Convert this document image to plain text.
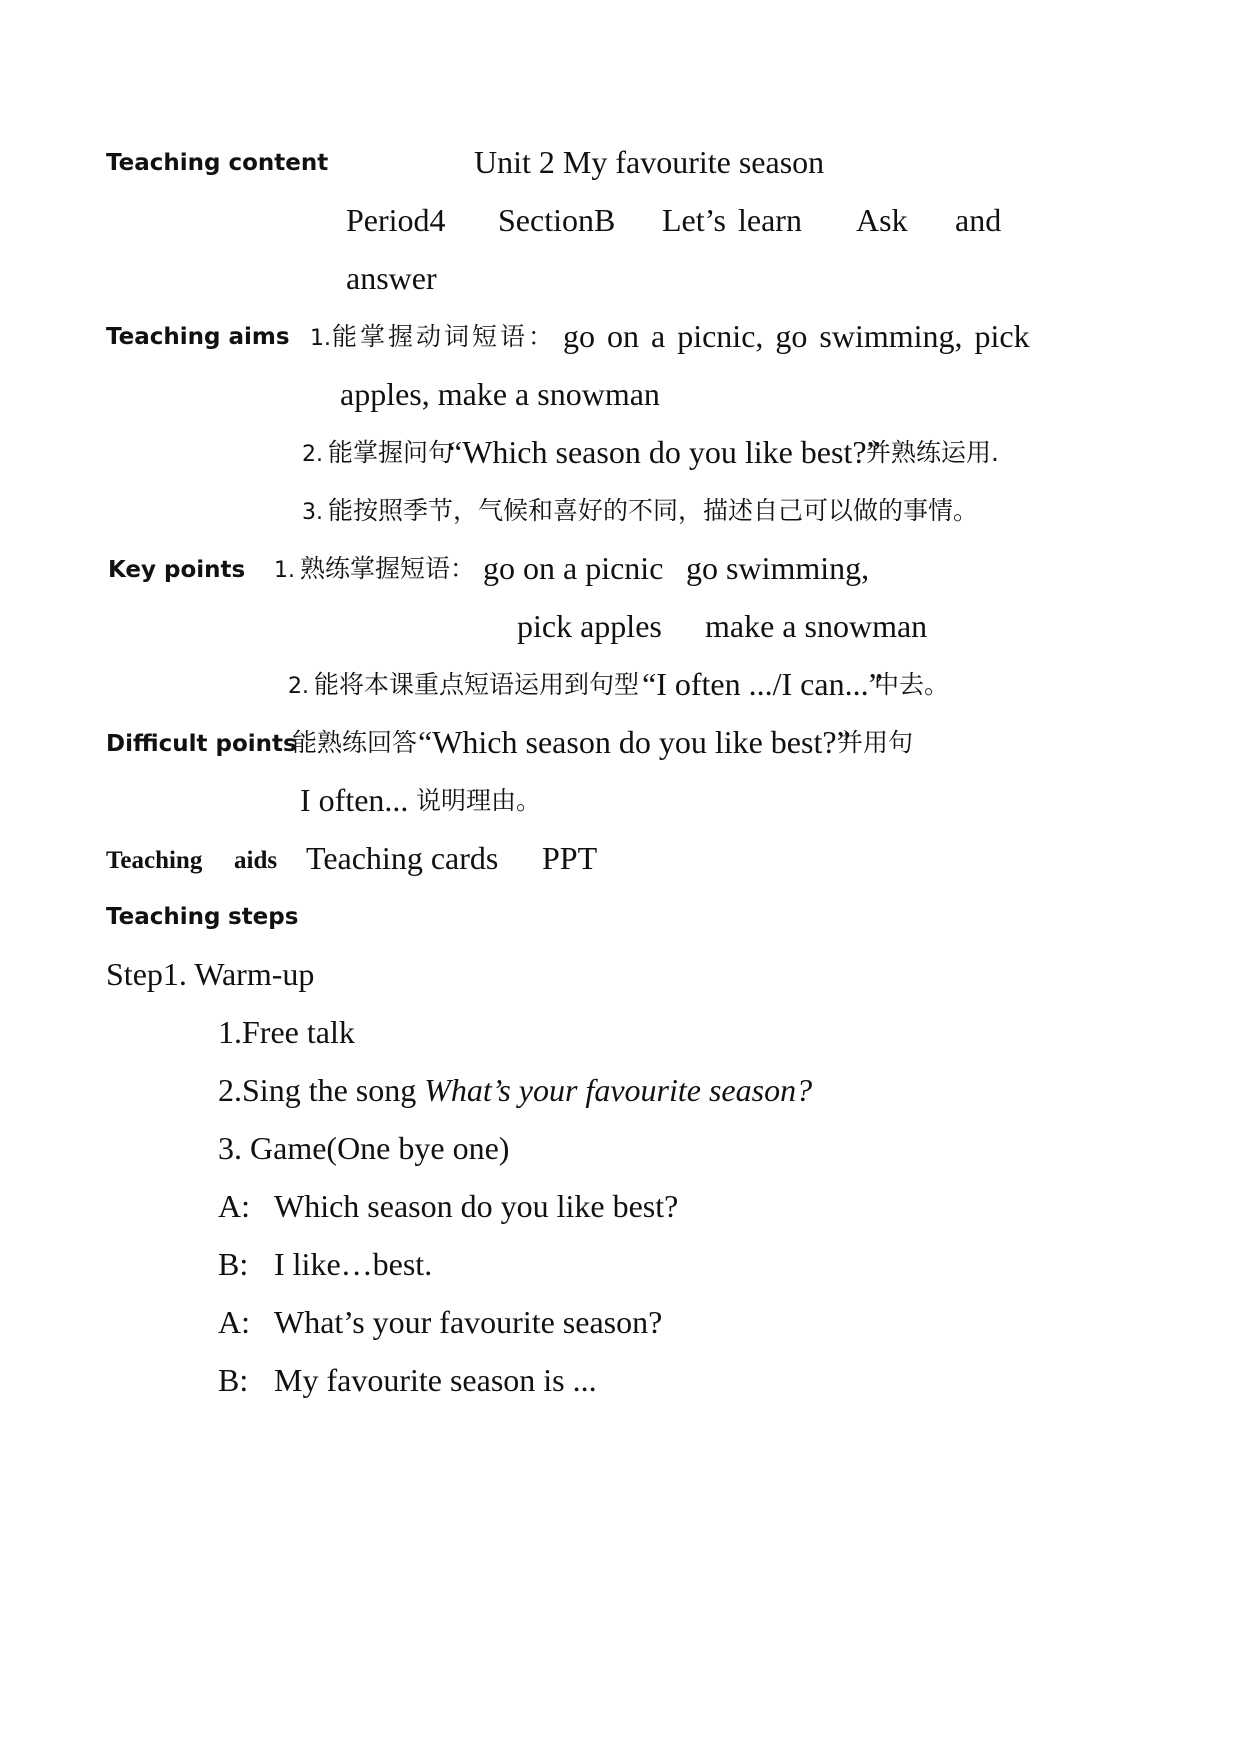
Teaching content	Unit 2 My favourite season
Period4 SectionB Let’s learn Ask and
answer
Teaching aims 1. 能掌握动词短语： go on a picnic, go swimming, pick
apples, make a snowman
2. 能掌握问句
“Which season do you like best?”
并熟练运用.
3. 能按照季节，气候和喜好的不同，描述自己可以做的事情。
Key points 1. 熟练掌握短语： go on a picnic go swimming,
pick apples make a snowman
2. 能将本课重点短语运用到句型 “I often .../I can...”
中去。
Difficult points
能熟练回答 “Which season do you like best?”
并用句
I often... 说明理由。
Teaching aids Teaching cards PPT
Teaching steps
Step1. Warm-up
1.Free talk
2.Sing the song What’s your favourite season?
3. Game(One bye one)
A: Which season do you like best?
B: I like…best.
A: What’s your favourite season?
B: My favourite season is ...
